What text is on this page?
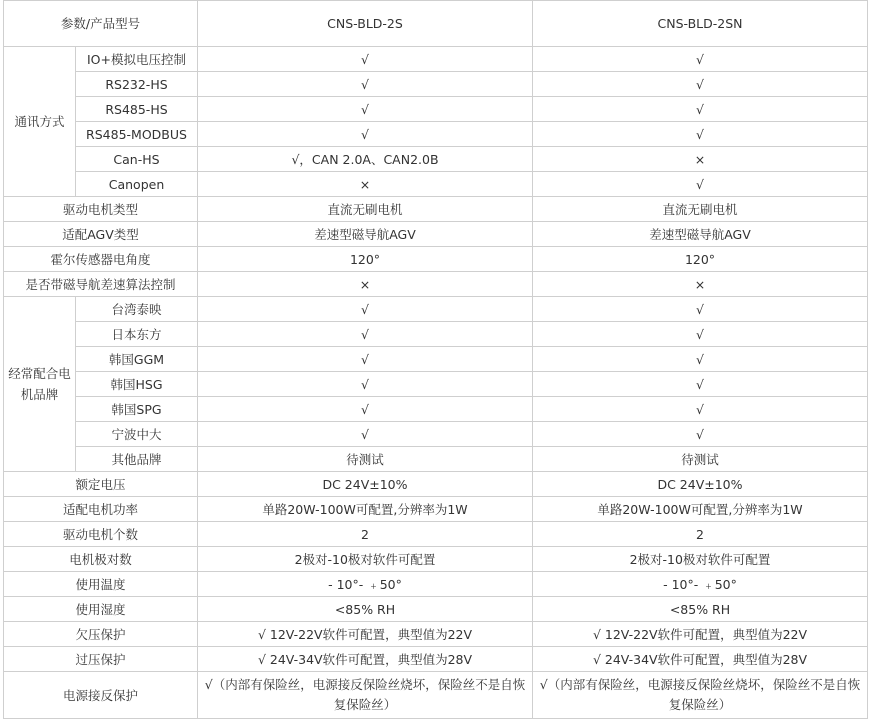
参数/产品型号		CNS-BLD-2S	CNS-BLD-2SN
通讯方式	IO+模拟电压控制	√	√
	RS232-HS	√	√
	RS485-HS	√	√
	RS485-MODBUS	√	√
	Can-HS	√，CAN 2.0A、CAN2.0B	×
	Canopen	×	√
驱动电机类型		直流无刷电机	直流无刷电机
适配AGV类型		差速型磁导航AGV	差速型磁导航AGV
霍尔传感器电角度		120°	120°
是否带磁导航差速算法控制		×	×
经常配合电机品牌	台湾泰映	√	√
	日本东方	√	√
	韩国GGM	√	√
	韩国HSG	√	√
	韩国SPG	√	√
	宁波中大	√	√
	其他品牌	待测试	待测试
额定电压		DC 24V±10%	DC 24V±10%
适配电机功率		单路20W-100W可配置,分辨率为1W	单路20W-100W可配置,分辨率为1W
驱动电机个数		2	2
电机极对数		2极对-10极对软件可配置	2极对-10极对软件可配置
使用温度		- 10°- ﹢50°	- 10°- ﹢50°
使用湿度		<85% RH	<85% RH
欠压保护		√ 12V-22V软件可配置，典型值为22V	√ 12V-22V软件可配置，典型值为22V
过压保护		√ 24V-34V软件可配置，典型值为28V	√ 24V-34V软件可配置，典型值为28V
电源接反保护		√（内部有保险丝，电源接反保险丝烧坏，保险丝不是自恢复保险丝）	√（内部有保险丝，电源接反保险丝烧坏，保险丝不是自恢复保险丝）
